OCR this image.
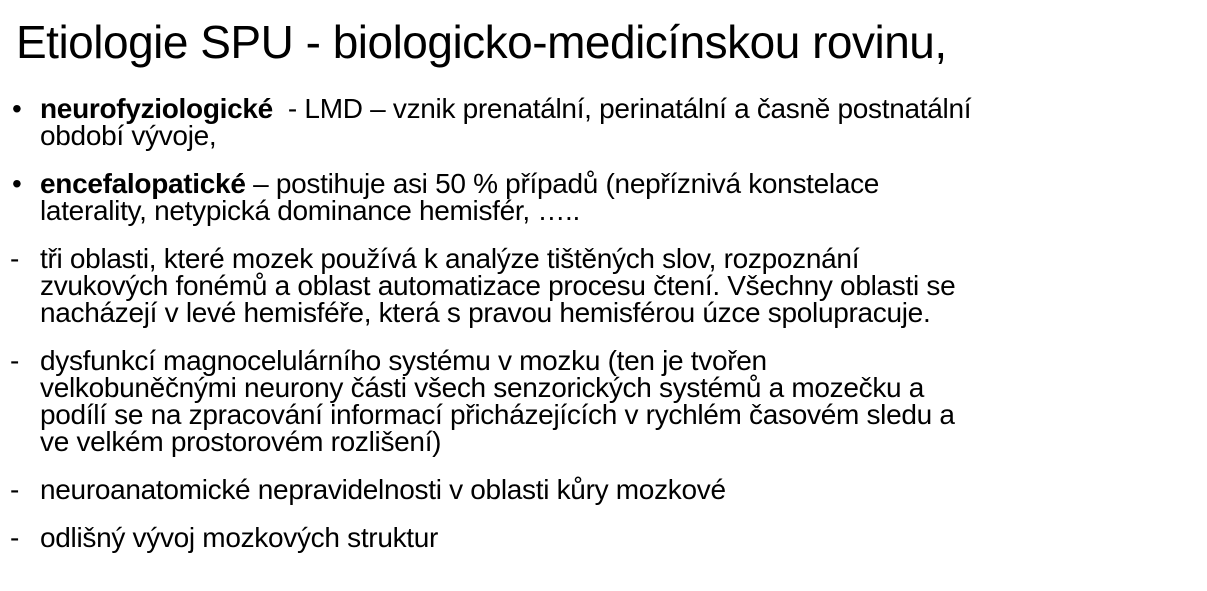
Etiologie SPU - biologicko-medicínskou rovinu,
• neurofyziologické  - LMD – vznik prenatální, perinatální a časně postnatální
období vývoje,
• encefalopatické – postihuje asi 50 % případů (nepříznivá konstelace
laterality, netypická dominance hemisfér, …..
- tři oblasti, které mozek používá k analýze tištěných slov, rozpoznání
zvukových fonémů a oblast automatizace procesu čtení. Všechny oblasti se
nacházejí v levé hemisféře, která s pravou hemisférou úzce spolupracuje.
- dysfunkcí magnocelulárního systému v mozku (ten je tvořen
velkobuněčnými neurony části všech senzorických systémů a mozečku a
podílí se na zpracování informací přicházejících v rychlém časovém sledu a
ve velkém prostorovém rozlišení)
- neuroanatomické nepravidelnosti v oblasti kůry mozkové
- odlišný vývoj mozkových struktur
